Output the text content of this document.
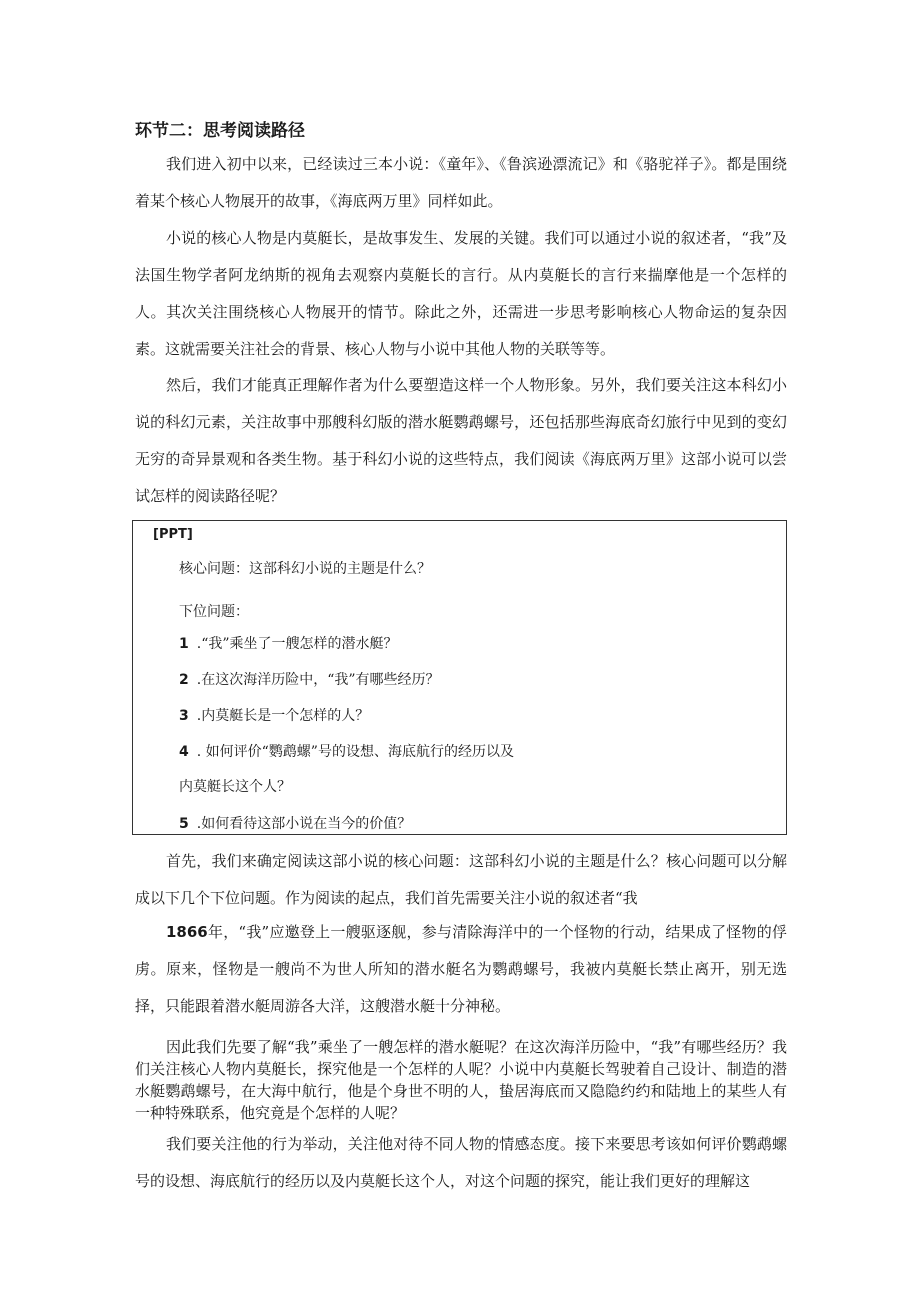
环节二：思考阅读路径

我们进入初中以来，已经读过三本小说：《童年》、《鲁滨逊漂流记》和《骆驼祥子》。都是围绕着某个核心人物展开的故事，《海底两万里》同样如此。

小说的核心人物是内莫艇长，是故事发生、发展的关键。我们可以通过小说的叙述者，“我”及法国生物学者阿龙纳斯的视角去观察内莫艇长的言行。从内莫艇长的言行来揣摩他是一个怎样的人。其次关注围绕核心人物展开的情节。除此之外，还需进一步思考影响核心人物命运的复杂因素。这就需要关注社会的背景、核心人物与小说中其他人物的关联等等。

然后，我们才能真正理解作者为什么要塑造这样一个人物形象。另外，我们要关注这本科幻小说的科幻元素，关注故事中那艘科幻版的潜水艇鹦鹉螺号，还包括那些海底奇幻旅行中见到的变幻无穷的奇异景观和各类生物。基于科幻小说的这些特点，我们阅读《海底两万里》这部小说可以尝试怎样的阅读路径呢？

[PPT]
核心问题：这部科幻小说的主题是什么？
下位问题：
1 .“我”乘坐了一艘怎样的潜水艇？
2 .在这次海洋历险中，“我”有哪些经历？
3 .内莫艇长是一个怎样的人？
4 . 如何评价“鹦鹉螺”号的设想、海底航行的经历以及
内莫艇长这个人？
5 .如何看待这部小说在当今的价值？

首先，我们来确定阅读这部小说的核心问题：这部科幻小说的主题是什么？核心问题可以分解成以下几个下位问题。作为阅读的起点，我们首先需要关注小说的叙述者“我

1866年，“我”应邀登上一艘驱逐舰，参与清除海洋中的一个怪物的行动，结果成了怪物的俘虏。原来，怪物是一艘尚不为世人所知的潜水艇名为鹦鹉螺号，我被内莫艇长禁止离开，别无选择，只能跟着潜水艇周游各大洋，这艘潜水艇十分神秘。

因此我们先要了解“我”乘坐了一艘怎样的潜水艇呢？在这次海洋历险中，“我”有哪些经历？我们关注核心人物内莫艇长，探究他是一个怎样的人呢？小说中内莫艇长驾驶着自己设计、制造的潜水艇鹦鹉螺号，在大海中航行，他是个身世不明的人，蛰居海底而又隐隐约约和陆地上的某些人有一种特殊联系，他究竟是个怎样的人呢？

我们要关注他的行为举动，关注他对待不同人物的情感态度。接下来要思考该如何评价鹦鹉螺号的设想、海底航行的经历以及内莫艇长这个人，对这个问题的探究，能让我们更好的理解这
